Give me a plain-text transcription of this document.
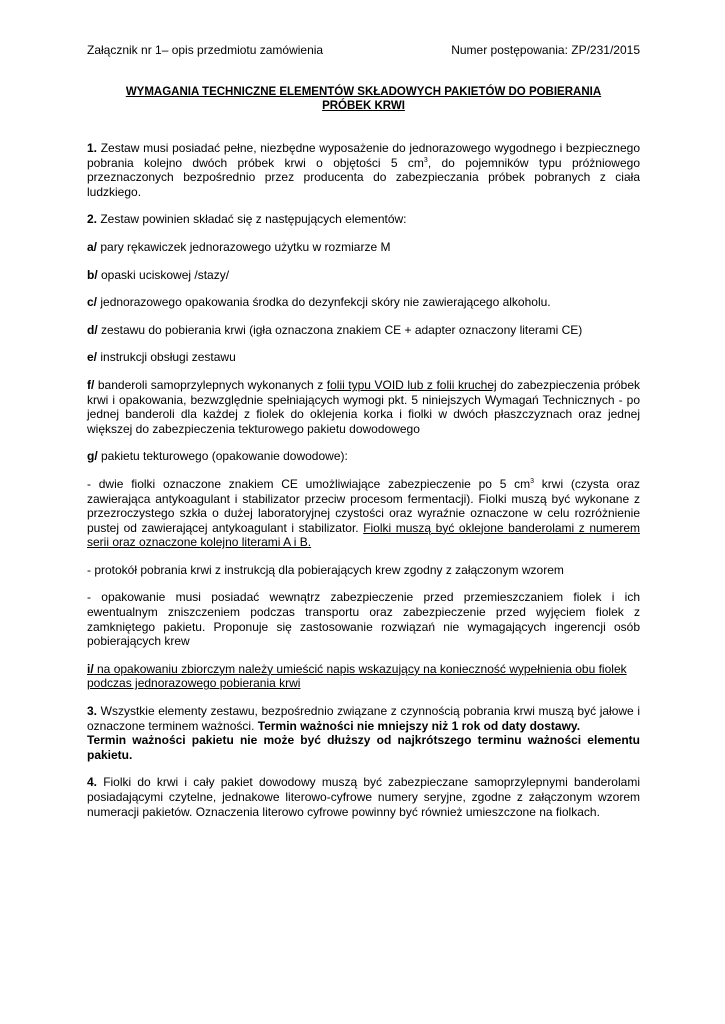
Załącznik nr 1– opis przedmiotu zamówienia	Numer postępowania: ZP/231/2015
WYMAGANIA TECHNICZNE ELEMENTÓW SKŁADOWYCH PAKIETÓW DO POBIERANIA
PRÓBEK KRWI

1. Zestaw musi posiadać pełne, niezbędne wyposażenie do jednorazowego wygodnego i bezpiecznego pobrania kolejno dwóch próbek krwi o objętości 5 $cm^3$, do pojemników typu próżniowego przeznaczonych bezpośrednio przez producenta do zabezpieczania próbek pobranych z ciała ludzkiego.

2. Zestaw powinien składać się z następujących elementów:

a/ pary rękawiczek jednorazowego użytku w rozmiarze M

b/ opaski uciskowej /stazy/

c/ jednorazowego opakowania środka do dezynfekcji skóry nie zawierającego alkoholu.

d/ zestawu do pobierania krwi (igła oznaczona znakiem CE + adapter oznaczony literami CE)

e/ instrukcji obsługi zestawu

f/ banderoli samoprzylepnych wykonanych z folii typu VOID lub z folii kruchej do zabezpieczenia próbek krwi i opakowania, bezwzględnie spełniających wymogi pkt. 5 niniejszych Wymagań Technicznych - po jednej banderoli dla każdej z fiolek do oklejenia korka i fiolki w dwóch płaszczyznach oraz jednej większej do zabezpieczenia tekturowego pakietu dowodowego

g/ pakietu tekturowego (opakowanie dowodowe):

- dwie fiolki oznaczone znakiem CE umożliwiające zabezpieczenie po 5 $cm^3$ krwi (czysta oraz zawierająca antykoagulant i stabilizator przeciw procesom fermentacji). Fiolki muszą być wykonane z przezroczystego szkła o dużej laboratoryjnej czystości oraz wyraźnie oznaczone w celu rozróżnienie pustej od zawierającej antykoagulant i stabilizator. Fiolki muszą być oklejone banderolami z numerem serii oraz oznaczone kolejno literami A i B.

- protokół pobrania krwi z instrukcją dla pobierających krew zgodny z załączonym wzorem

- opakowanie musi posiadać wewnątrz zabezpieczenie przed przemieszczaniem fiolek i ich ewentualnym zniszczeniem podczas transportu oraz zabezpieczenie przed wyjęciem fiolek z zamkniętego pakietu. Proponuje się zastosowanie rozwiązań nie wymagających ingerencji osób pobierających krew

i/ na opakowaniu zbiorczym należy umieścić napis wskazujący na konieczność wypełnienia obu fiolek podczas jednorazowego pobierania krwi

3. Wszystkie elementy zestawu, bezpośrednio związane z czynnością pobrania krwi muszą być jałowe i oznaczone terminem ważności. Termin ważności nie mniejszy niż 1 rok od daty dostawy.
Termin ważności pakietu nie może być dłuższy od najkrótszego terminu ważności elementu pakietu.

4. Fiolki do krwi i cały pakiet dowodowy muszą być zabezpieczane samoprzylepnymi banderolami posiadającymi czytelne, jednakowe literowo-cyfrowe numery seryjne, zgodne z załączonym wzorem numeracji pakietów. Oznaczenia literowo cyfrowe powinny być również umieszczone na fiolkach.
